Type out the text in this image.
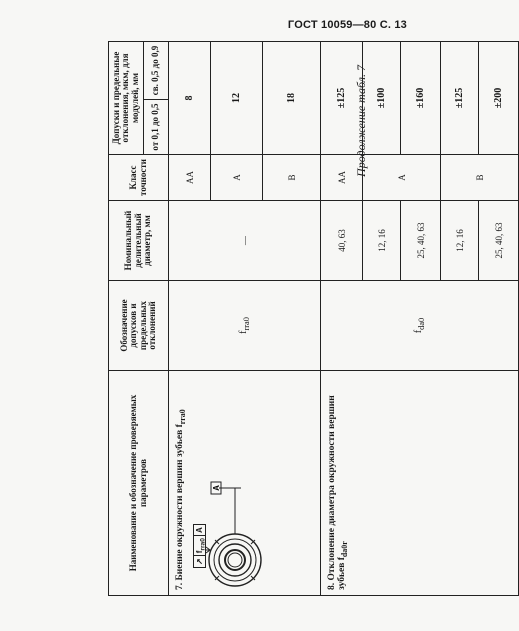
ГОСТ 10059—80 С. 13
Продолжение табл. 7
Наименование и обозначение проверяемых параметров	Обозначение допусков и предельных отклонений	Номинальный делительный диаметр, мм	Класс точности	Допуски и предельные отклонения, мкм, для модулей, мм	
				от 0,1 до 0,5	св. 0,5 до 0,9
7. Биение окружности вершин зубьев $f_{rra0}$
A
↗
$f_{rra0}$
A	$f_{rra0}$	—	АА	8	
			А	12	
			В	18	
8. Отклонение диаметра окружности вершин зубьев $f_{da0r}$	$f_{da0}$	40, 63	АА	±125	
		12, 16	А	±100	
		25, 40, 63		±160	
		12, 16	В	±125	
		25, 40, 63		±200	
